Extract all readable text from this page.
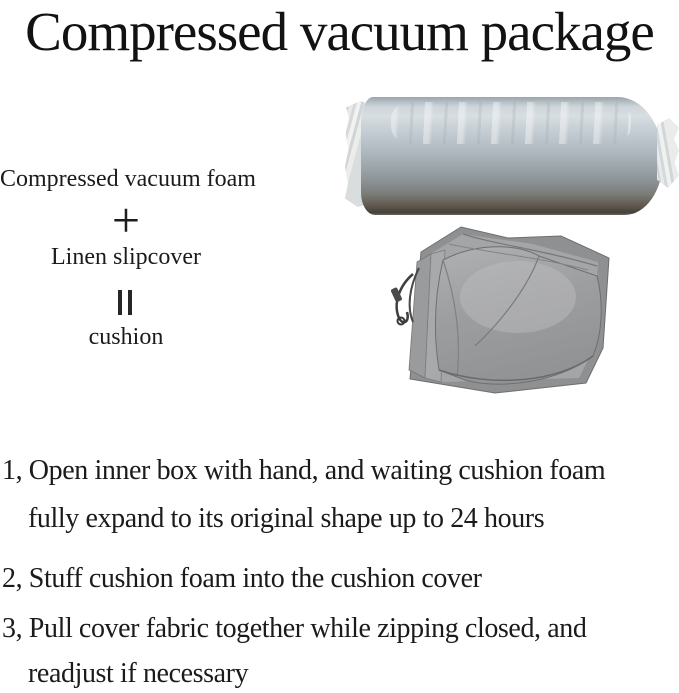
Compressed vacuum package
Compressed vacuum foam
+
Linen slipcover
cushion
1, Open inner box with hand, and waiting cushion foam
fully expand to its original shape up to 24 hours
2, Stuff cushion foam into the cushion cover
3, Pull cover fabric together while zipping closed, and
readjust if necessary
